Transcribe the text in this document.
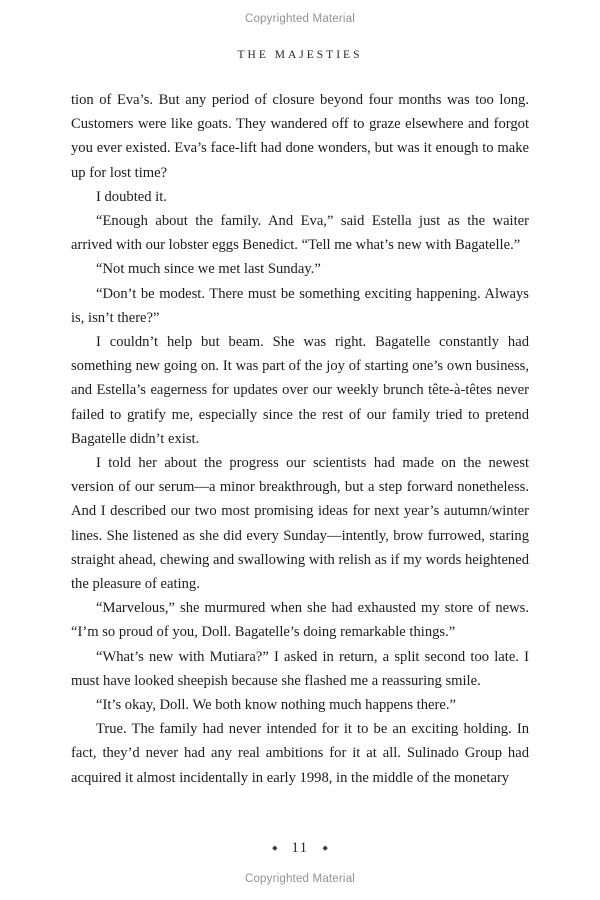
Copyrighted Material
THE MAJESTIES

tion of Eva’s. But any period of closure beyond four months was too long. Customers were like goats. They wandered off to graze elsewhere and forgot you ever existed. Eva’s face-lift had done wonders, but was it enough to make up for lost time?

I doubted it.

“Enough about the family. And Eva,” said Estella just as the waiter arrived with our lobster eggs Benedict. “Tell me what’s new with Bagatelle.”

“Not much since we met last Sunday.”

“Don’t be modest. There must be something exciting happening. Always is, isn’t there?”

I couldn’t help but beam. She was right. Bagatelle constantly had something new going on. It was part of the joy of starting one’s own business, and Estella’s eagerness for updates over our weekly brunch tête-à-têtes never failed to gratify me, especially since the rest of our family tried to pretend Bagatelle didn’t exist.

I told her about the progress our scientists had made on the newest version of our serum—a minor breakthrough, but a step forward nonetheless. And I described our two most promising ideas for next year’s autumn/winter lines. She listened as she did every Sunday—intently, brow furrowed, staring straight ahead, chewing and swallowing with relish as if my words heightened the pleasure of eating.

“Marvelous,” she murmured when she had exhausted my store of news. “I’m so proud of you, Doll. Bagatelle’s doing remarkable things.”

“What’s new with Mutiara?” I asked in return, a split second too late. I must have looked sheepish because she flashed me a reassuring smile.

“It’s okay, Doll. We both know nothing much happens there.”

True. The family had never intended for it to be an exciting holding. In fact, they’d never had any real ambitions for it at all. Sulinado Group had acquired it almost incidentally in early 1998, in the middle of the monetary

◆ 11 ◆
Copyrighted Material
